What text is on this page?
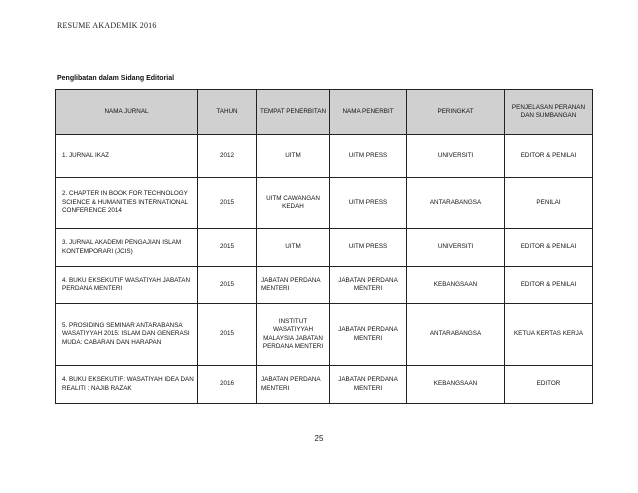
RESUME AKADEMIK 2016
Penglibatan dalam Sidang Editorial
NAMA JURNAL	TAHUN	TEMPAT PENERBITAN	NAMA PENERBIT	PERINGKAT	PENJELASAN PERANAN DAN SUMBANGAN
1. JURNAL IKAZ	2012	UITM	UITM PRESS	UNIVERSITI	EDITOR & PENILAI
2. CHAPTER IN BOOK FOR TECHNOLOGY SCIENCE & HUMANITIES INTERNATIONAL CONFERENCE 2014	2015	UITM CAWANGAN KEDAH	UITM PRESS	ANTARABANGSA	PENILAI
3. JURNAL AKADEMI PENGAJIAN ISLAM KONTEMPORARI (JCIS)	2015	UITM	UITM PRESS	UNIVERSITI	EDITOR & PENILAI
4. BUKU EKSEKUTIF WASATIYAH JABATAN PERDANA MENTERI	2015	JABATAN PERDANA MENTERI	JABATAN PERDANA MENTERI	KEBANGSAAN	EDITOR & PENILAI
5. PROSIDING SEMINAR ANTARABANSA WASATIYYAH 2015: ISLAM DAN GENERASI MUDA: CABARAN DAN HARAPAN	2015	INSTITUT WASATIYYAH MALAYSIA JABATAN PERDANA MENTERI	JABATAN PERDANA MENTERI	ANTARABANGSA	KETUA KERTAS KERJA
4. BUKU EKSEKUTIF: WASATIYAH IDEA DAN REALITI : NAJIB RAZAK	2016	JABATAN PERDANA MENTERI	JABATAN PERDANA MENTERI	KEBANGSAAN	EDITOR
25
